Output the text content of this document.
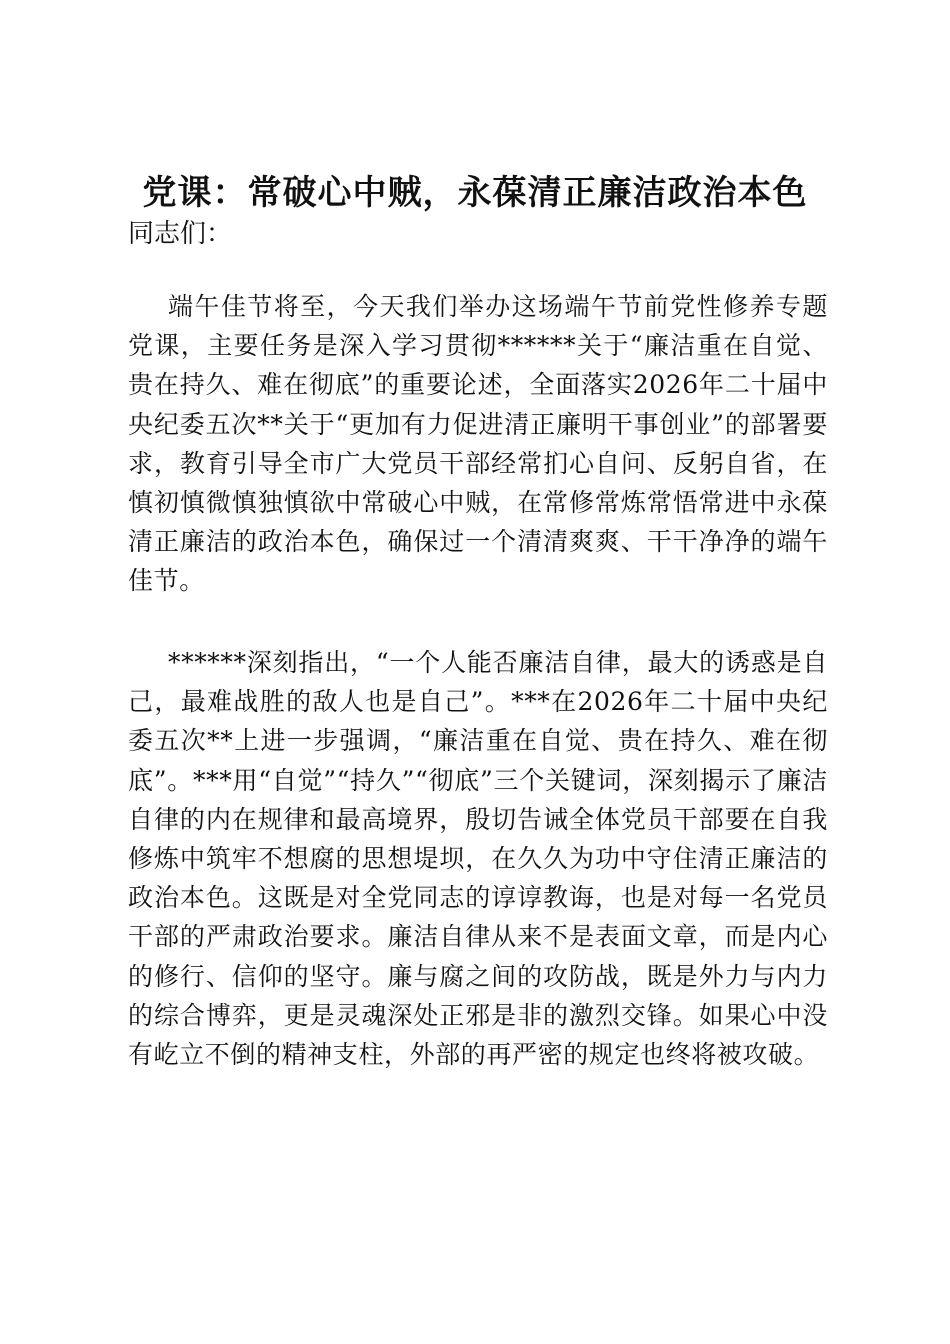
党课：常破心中贼，永葆清正廉洁政治本色

同志们：

端午佳节将至，今天我们举办这场端午节前党性修养专题党课，主要任务是深入学习贯彻******关于“廉洁重在自觉、贵在持久、难在彻底”的重要论述，全面落实2026年二十届中央纪委五次**关于“更加有力促进清正廉明干事创业”的部署要求，教育引导全市广大党员干部经常扪心自问、反躬自省，在慎初慎微慎独慎欲中常破心中贼，在常修常炼常悟常进中永葆清正廉洁的政治本色，确保过一个清清爽爽、干干净净的端午佳节。

******深刻指出，“一个人能否廉洁自律，最大的诱惑是自己，最难战胜的敌人也是自己”。***在2026年二十届中央纪委五次**上进一步强调，“廉洁重在自觉、贵在持久、难在彻底”。***用“自觉”“持久”“彻底”三个关键词，深刻揭示了廉洁自律的内在规律和最高境界，殷切告诫全体党员干部要在自我修炼中筑牢不想腐的思想堤坝，在久久为功中守住清正廉洁的政治本色。这既是对全党同志的谆谆教诲，也是对每一名党员干部的严肃政治要求。廉洁自律从来不是表面文章，而是内心的修行、信仰的坚守。廉与腐之间的攻防战，既是外力与内力的综合博弈，更是灵魂深处正邪是非的激烈交锋。如果心中没有屹立不倒的精神支柱，外部的再严密的规定也终将被攻破。
